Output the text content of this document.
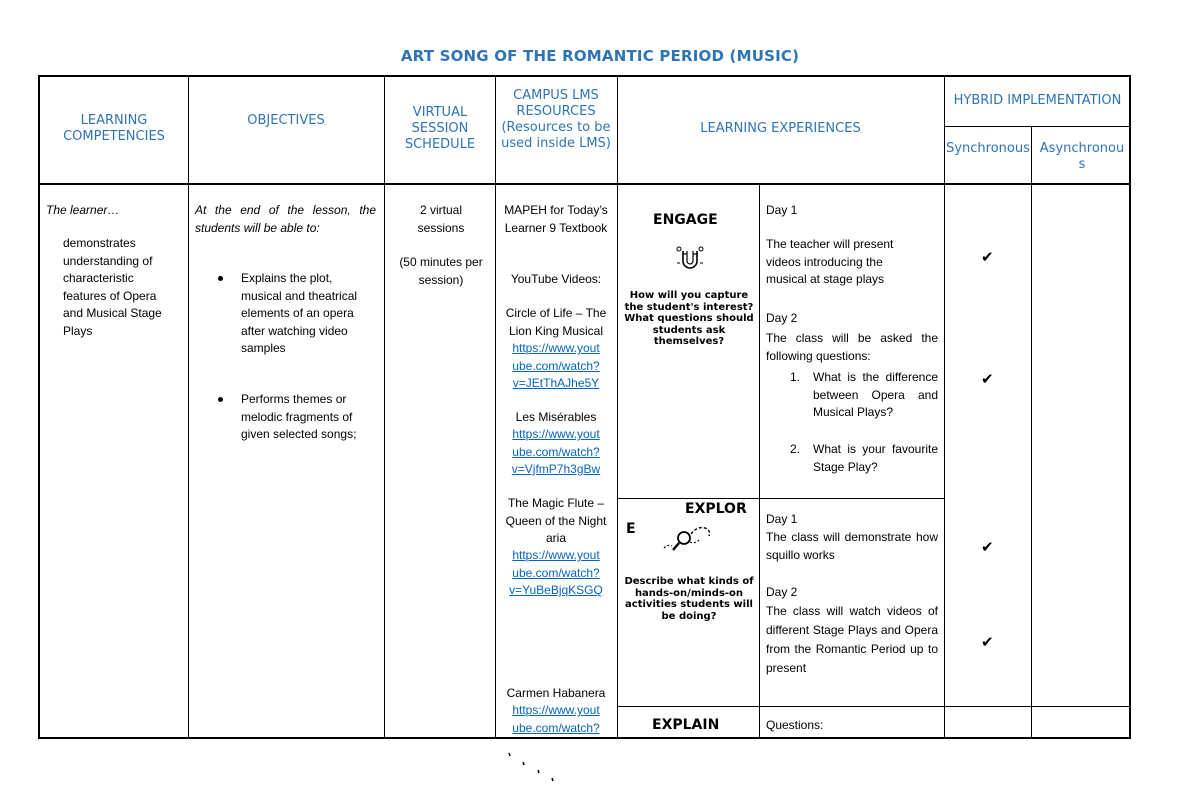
ART SONG OF THE ROMANTIC PERIOD (MUSIC)
LEARNING COMPETENCIES
OBJECTIVES
VIRTUAL SESSION SCHEDULE
CAMPUS LMS RESOURCES (Resources to be used inside LMS)
LEARNING EXPERIENCES
HYBRID IMPLEMENTATION
Synchronous Asynchronous
The learner…
demonstrates understanding of characteristic features of Opera and Musical Stage Plays
At the end of the lesson, the students will be able to:
Explains the plot, musical and theatrical elements of an opera after watching video samples
Performs themes or melodic fragments of given selected songs;
2 virtual sessions
(50 minutes per session)
MAPEH for Today’s Learner 9 Textbook
YouTube Videos:
Circle of Life – The Lion King Musical
https://www.yout
ube.com/watch?
v=JEtThAJhe5Y
Les Misérables
https://www.yout
ube.com/watch?
v=VjfmP7h3gBw
The Magic Flute – Queen of the Night aria
https://www.yout
ube.com/watch?
v=YuBeBjqKSGQ
Carmen Habanera
https://www.yout
ube.com/watch?
ENGAGE
How will you capture the student's interest? What questions should students ask themselves?
Day 1
The teacher will present videos introducing the musical at stage plays
Day 2
The class will be asked the following questions:
1. What is the difference between Opera and Musical Plays?
2. What is your favourite Stage Play?
EXPLOR
E
Describe what kinds of hands-on/minds-on activities students will be doing?
Day 1
The class will demonstrate how squillo works
Day 2
The class will watch videos of different Stage Plays and Opera from the Romantic Period up to present
EXPLAIN	Questions:
✔
✔
✔
✔
